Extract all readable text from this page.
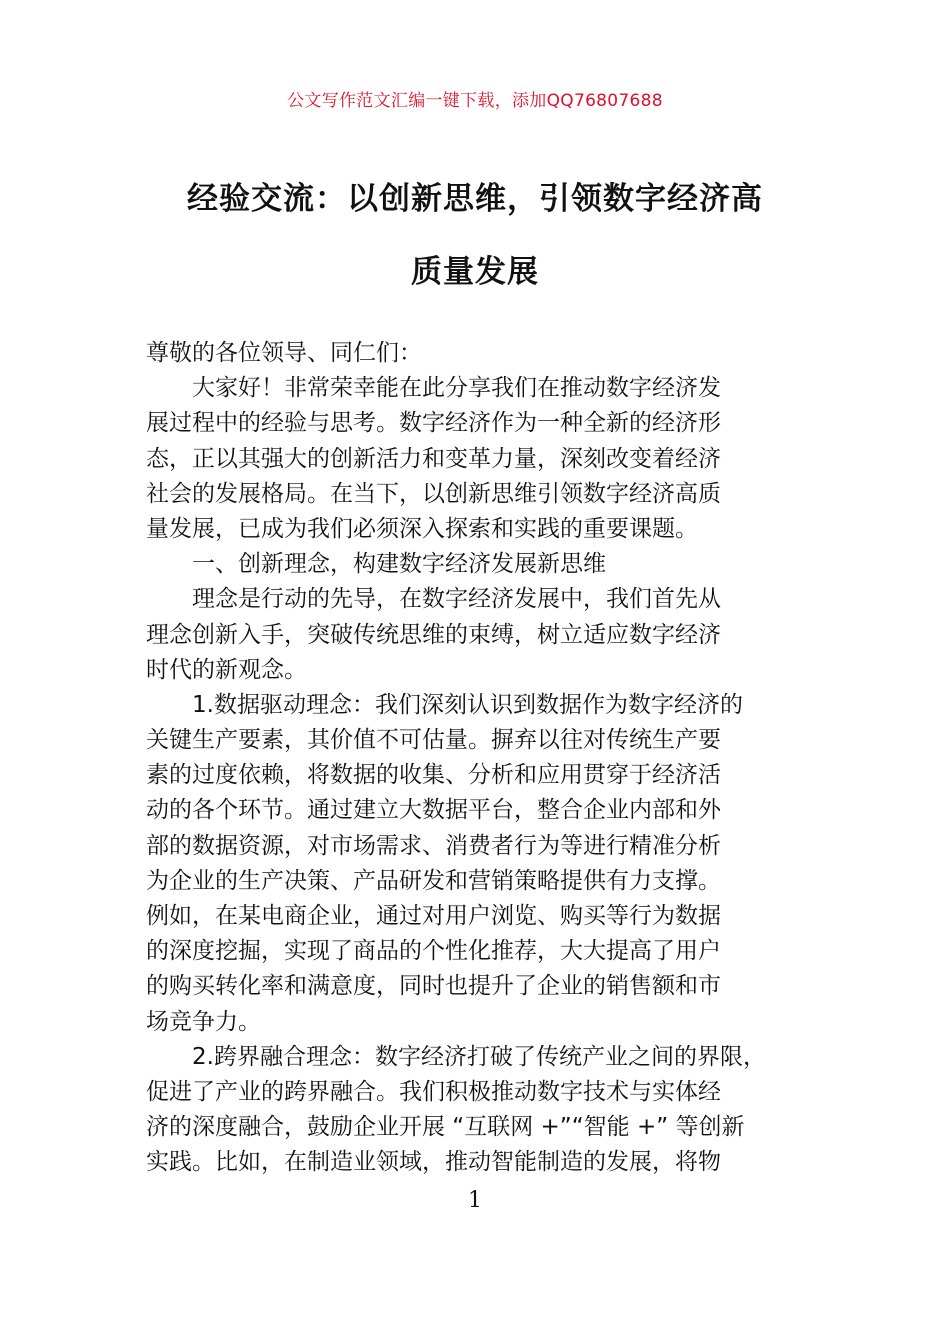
公文写作范文汇编一键下载，添加QQ76807688
经验交流：以创新思维，引领数字经济高
质量发展
尊敬的各位领导、同仁们：
大家好！非常荣幸能在此分享我们在推动数字经济发
展过程中的经验与思考。数字经济作为一种全新的经济形
态，正以其强大的创新活力和变革力量，深刻改变着经济
社会的发展格局。在当下，以创新思维引领数字经济高质
量发展，已成为我们必须深入探索和实践的重要课题。
一、创新理念，构建数字经济发展新思维
理念是行动的先导，在数字经济发展中，我们首先从
理念创新入手，突破传统思维的束缚，树立适应数字经济
时代的新观念。
1.数据驱动理念：我们深刻认识到数据作为数字经济的
关键生产要素，其价值不可估量。摒弃以往对传统生产要
素的过度依赖，将数据的收集、分析和应用贯穿于经济活
动的各个环节。通过建立大数据平台，整合企业内部和外
部的数据资源，对市场需求、消费者行为等进行精准分析
为企业的生产决策、产品研发和营销策略提供有力支撑。
例如，在某电商企业，通过对用户浏览、购买等行为数据
的深度挖掘，实现了商品的个性化推荐，大大提高了用户
的购买转化率和满意度，同时也提升了企业的销售额和市
场竞争力。
2.跨界融合理念：数字经济打破了传统产业之间的界限，
促进了产业的跨界融合。我们积极推动数字技术与实体经
济的深度融合，鼓励企业开展 “互联网 +”“智能 +” 等创新
实践。比如，在制造业领域，推动智能制造的发展，将物
1
